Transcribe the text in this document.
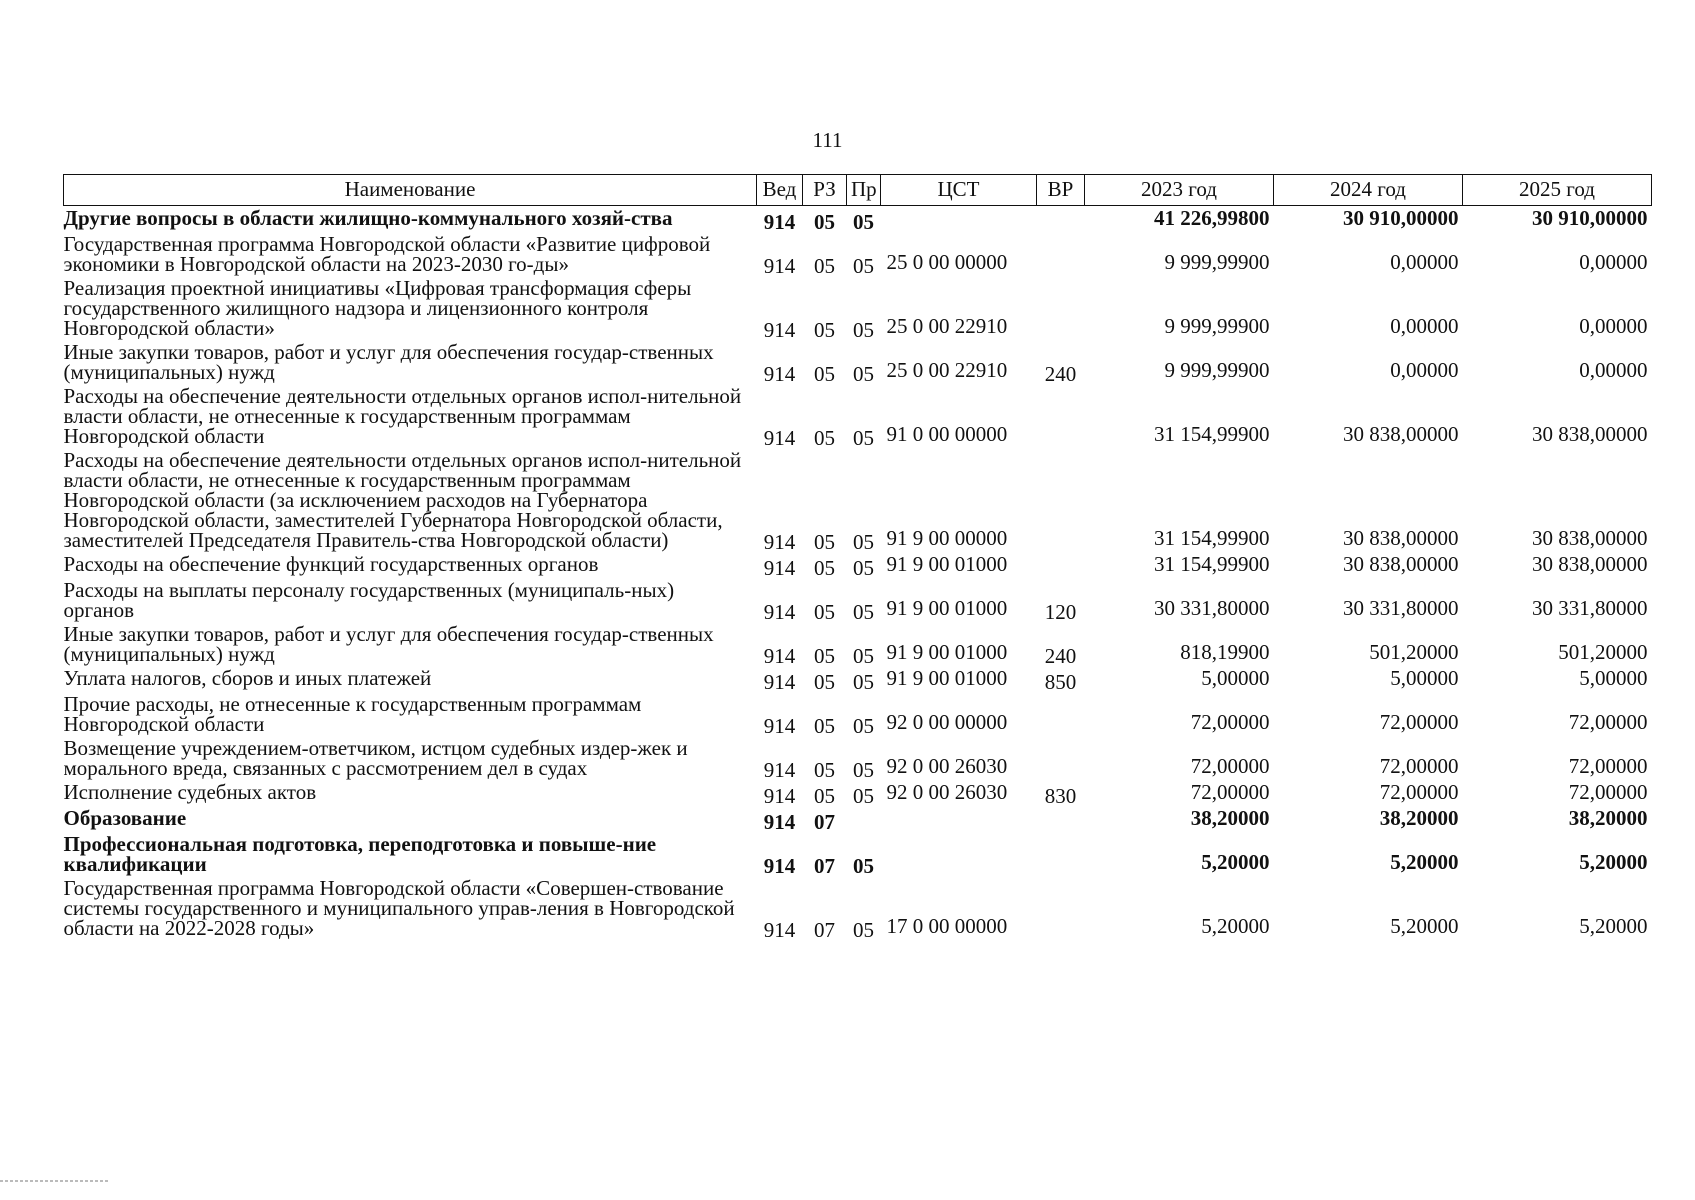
111
Наименование	Вед	РЗ	Пр	ЦСТ	ВР	2023 год	2024 год	2025 год
Другие вопросы в области жилищно-коммунального хозяй-ства	914	05	05			41 226,99800	30 910,00000	30 910,00000
Государственная программа Новгородской области «Развитие цифровой экономики в Новгородской области на 2023-2030 го-ды»	914	05	05	25 0 00 00000		9 999,99900	0,00000	0,00000
Реализация проектной инициативы «Цифровая трансформация сферы государственного жилищного надзора и лицензионного контроля Новгородской области»	914	05	05	25 0 00 22910		9 999,99900	0,00000	0,00000
Иные закупки товаров, работ и услуг для обеспечения государ-ственных (муниципальных) нужд	914	05	05	25 0 00 22910	240	9 999,99900	0,00000	0,00000
Расходы на обеспечение деятельности отдельных органов испол-нительной власти области, не отнесенные к государственным программам Новгородской области	914	05	05	91 0 00 00000		31 154,99900	30 838,00000	30 838,00000
Расходы на обеспечение деятельности отдельных органов испол-нительной власти области, не отнесенные к государственным программам Новгородской области (за исключением расходов на Губернатора Новгородской области, заместителей Губернатора Новгородской области, заместителей Председателя Правитель-ства Новгородской области)	914	05	05	91 9 00 00000		31 154,99900	30 838,00000	30 838,00000
Расходы на обеспечение функций государственных органов	914	05	05	91 9 00 01000		31 154,99900	30 838,00000	30 838,00000
Расходы на выплаты персоналу государственных (муниципаль-ных) органов	914	05	05	91 9 00 01000	120	30 331,80000	30 331,80000	30 331,80000
Иные закупки товаров, работ и услуг для обеспечения государ-ственных (муниципальных) нужд	914	05	05	91 9 00 01000	240	818,19900	501,20000	501,20000
Уплата налогов, сборов и иных платежей	914	05	05	91 9 00 01000	850	5,00000	5,00000	5,00000
Прочие расходы, не отнесенные к государственным программам Новгородской области	914	05	05	92 0 00 00000		72,00000	72,00000	72,00000
Возмещение учреждением-ответчиком, истцом судебных издер-жек и морального вреда, связанных с рассмотрением дел в судах	914	05	05	92 0 00 26030		72,00000	72,00000	72,00000
Исполнение судебных актов	914	05	05	92 0 00 26030	830	72,00000	72,00000	72,00000
Образование	914	07				38,20000	38,20000	38,20000
Профессиональная подготовка, переподготовка и повыше-ние квалификации	914	07	05			5,20000	5,20000	5,20000
Государственная программа Новгородской области «Совершен-ствование системы государственного и муниципального управ-ления в Новгородской области на 2022-2028 годы»	914	07	05	17 0 00 00000		5,20000	5,20000	5,20000
